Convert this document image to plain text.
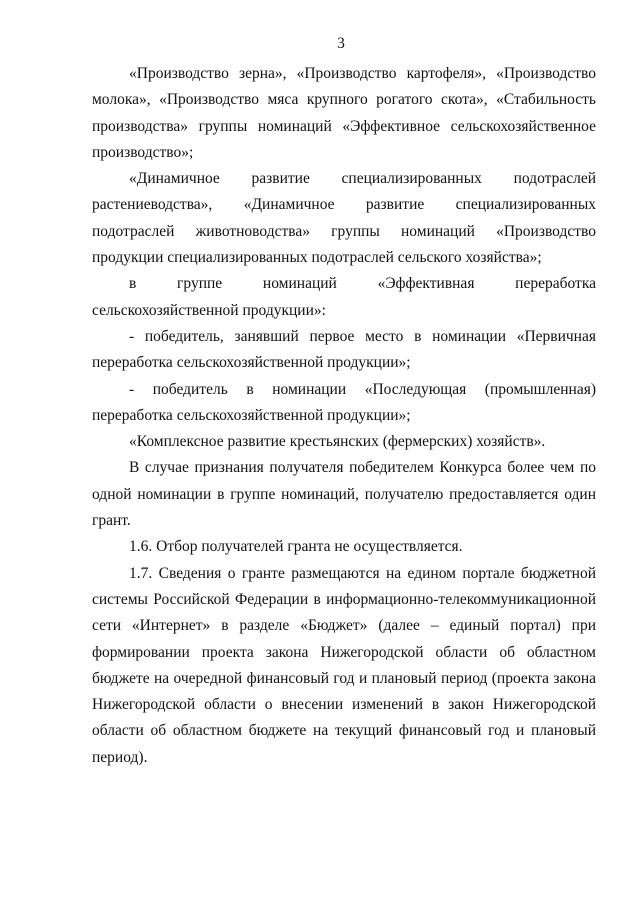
3

«Производство зерна», «Производство картофеля», «Производство молока», «Производство мяса крупного рогатого скота», «Стабильность производства» группы номинаций «Эффективное сельскохозяйственное производство»;

«Динамичное развитие специализированных подотраслей растениеводства», «Динамичное развитие специализированных подотраслей животноводства» группы номинаций «Производство продукции специализированных подотраслей сельского хозяйства»;

в группе номинаций «Эффективная переработка сельскохозяйственной продукции»:

- победитель, занявший первое место в номинации «Первичная переработка сельскохозяйственной продукции»;

- победитель в номинации «Последующая (промышленная) переработка сельскохозяйственной продукции»;

«Комплексное развитие крестьянских (фермерских) хозяйств».

В случае признания получателя победителем Конкурса более чем по одной номинации в группе номинаций, получателю предоставляется один грант.

1.6. Отбор получателей гранта не осуществляется.

1.7. Сведения о гранте размещаются на едином портале бюджетной системы Российской Федерации в информационно-телекоммуникационной сети «Интернет» в разделе «Бюджет» (далее – единый портал) при формировании проекта закона Нижегородской области об областном бюджете на очередной финансовый год и плановый период (проекта закона Нижегородской области о внесении изменений в закон Нижегородской области об областном бюджете на текущий финансовый год и плановый период).
